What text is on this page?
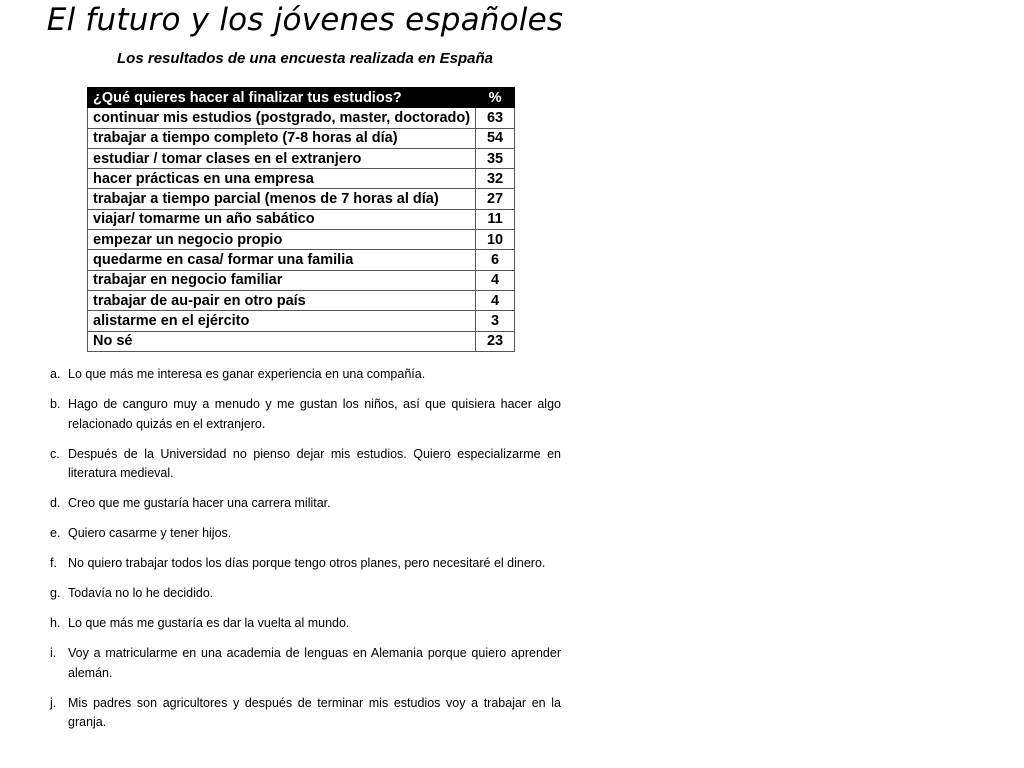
El futuro y los jóvenes españoles
Los resultados de una encuesta realizada en España
¿Qué quieres hacer al finalizar tus estudios?	%
continuar mis estudios (postgrado, master, doctorado)	63
trabajar a tiempo completo (7-8 horas al día)	54
estudiar / tomar clases en el extranjero	35
hacer prácticas en una empresa	32
trabajar a tiempo parcial (menos de 7 horas al día)	27
viajar/ tomarme un año sabático	11
empezar un negocio propio	10
quedarme en casa/ formar una familia	6
trabajar en negocio familiar	4
trabajar de au-pair en otro país	4
alistarme en el ejército	3
No sé	23
a. Lo que más me interesa es ganar experiencia en una compañía.
b. Hago de canguro muy a menudo y me gustan los niños, así que quisiera hacer algo relacionado quizás en el extranjero.
c. Después de la Universidad no pienso dejar mis estudios. Quiero especializarme en literatura medieval.
d. Creo que me gustaría hacer una carrera militar.
e. Quiero casarme y tener hijos.
f. No quiero trabajar todos los días porque tengo otros planes, pero necesitaré el dinero.
g. Todavía no lo he decidido.
h. Lo que más me gustaría es dar la vuelta al mundo.
i. Voy a matricularme en una academia de lenguas en Alemania porque quiero aprender alemán.
j. Mis padres son agricultores y después de terminar mis estudios voy a trabajar en la granja.
